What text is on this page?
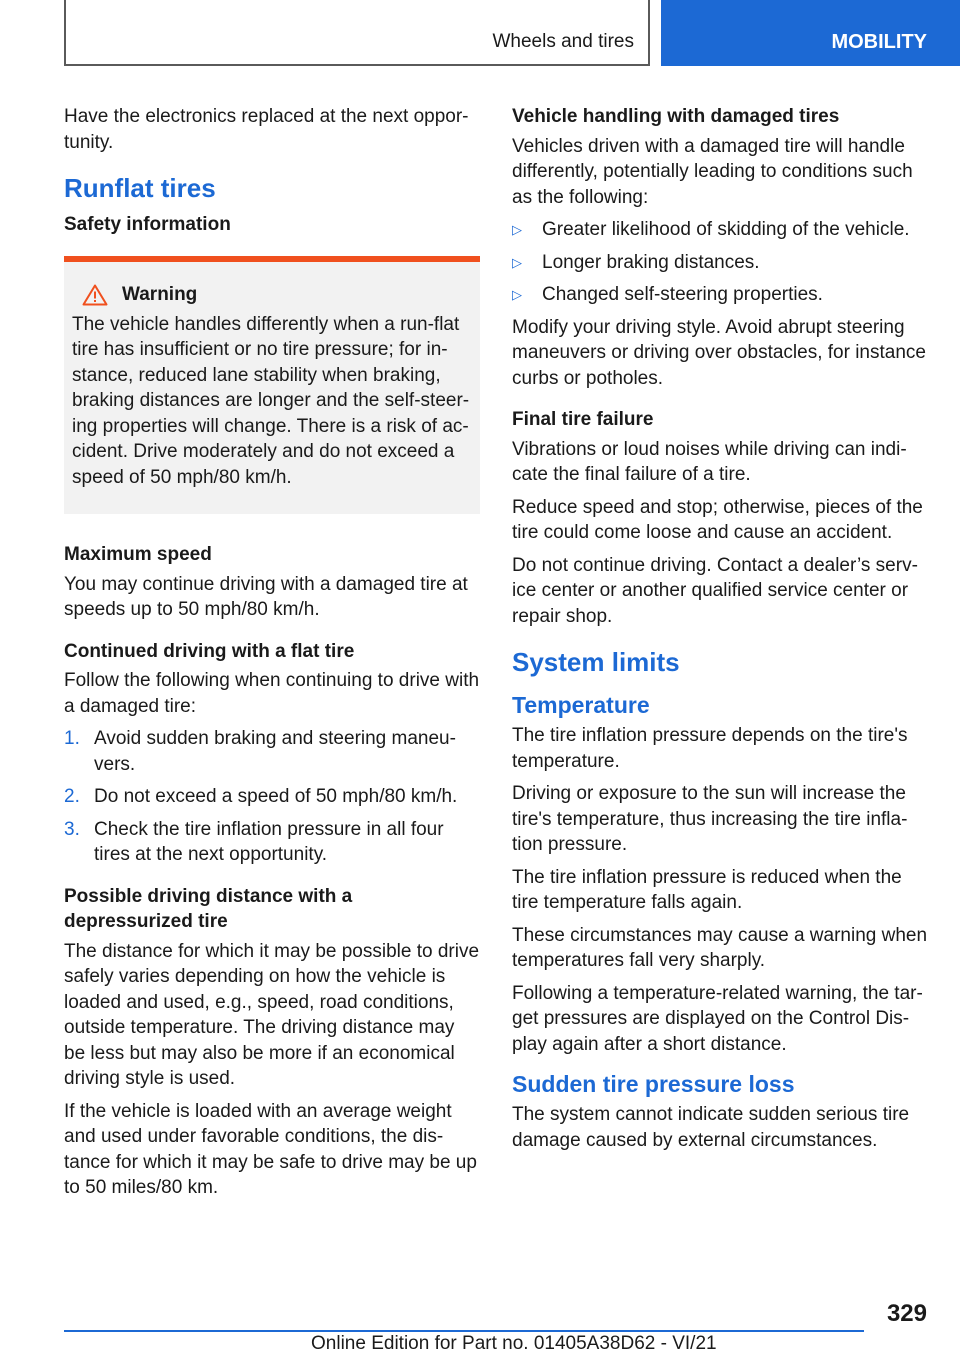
Wheels and tires	MOBILITY

Have the electronics replaced at the next oppor‐tunity.

Runflat tires
Safety information
Warning

The vehicle handles differently when a run-flat tire has insufficient or no tire pressure; for in‐stance, reduced lane stability when braking, braking distances are longer and the self-steer‐ing properties will change. There is a risk of ac‐cident. Drive moderately and do not exceed a speed of 50 mph/80 km/h.

Maximum speed

You may continue driving with a damaged tire at speeds up to 50 mph/80 km/h.

Continued driving with a flat tire

Follow the following when continuing to drive with a damaged tire:

1. Avoid sudden braking and steering maneu‐vers.
2. Do not exceed a speed of 50 mph/80 km/h.
3. Check the tire inflation pressure in all four tires at the next opportunity.
Possible driving distance with a depressurized tire

The distance for which it may be possible to drive safely varies depending on how the vehicle is loaded and used, e.g., speed, road conditions, outside temperature. The driving distance may be less but may also be more if an economical driving style is used.

If the vehicle is loaded with an average weight and used under favorable conditions, the dis‐tance for which it may be safe to drive may be up to 50 miles/80 km.

Vehicle handling with damaged tires

Vehicles driven with a damaged tire will handle differently, potentially leading to conditions such as the following:

▷	Greater likelihood of skidding of the vehicle.
▷	Longer braking distances.
▷	Changed self-steering properties.

Modify your driving style. Avoid abrupt steering maneuvers or driving over obstacles, for instance curbs or potholes.

Final tire failure

Vibrations or loud noises while driving can indi‐cate the final failure of a tire.

Reduce speed and stop; otherwise, pieces of the tire could come loose and cause an accident.

Do not continue driving. Contact a dealer’s serv‐ice center or another qualified service center or repair shop.

System limits
Temperature

The tire inflation pressure depends on the tire's temperature.

Driving or exposure to the sun will increase the tire's temperature, thus increasing the tire infla‐tion pressure.

The tire inflation pressure is reduced when the tire temperature falls again.

These circumstances may cause a warning when temperatures fall very sharply.

Following a temperature-related warning, the tar‐get pressures are displayed on the Control Dis‐play again after a short distance.

Sudden tire pressure loss

The system cannot indicate sudden serious tire damage caused by external circumstances.

329
Online Edition for Part no. 01405A38D62 - VI/21
